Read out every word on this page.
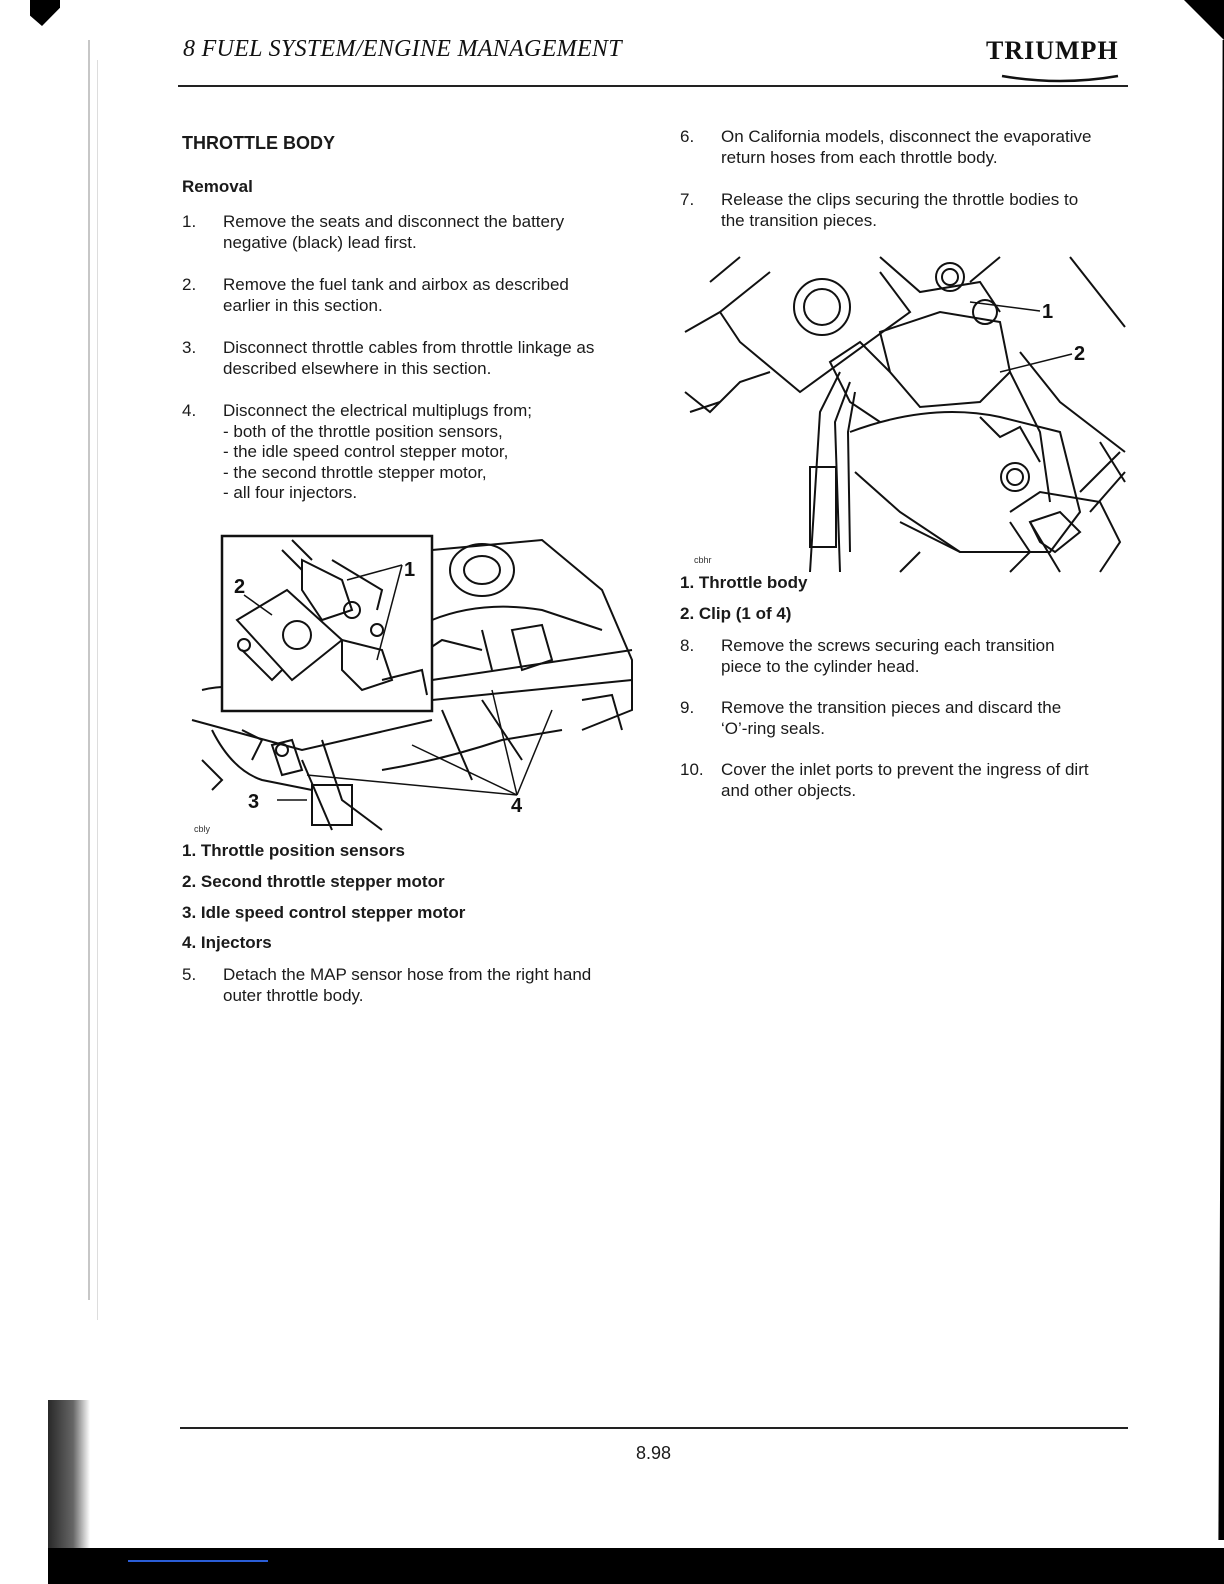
8 FUEL SYSTEM/ENGINE MANAGEMENT	TRIUMPH
THROTTLE BODY
Removal
1.	Remove the seats and disconnect the battery
negative (black) lead first.
2.	Remove the fuel tank and airbox as described
earlier in this section.
3.	Disconnect throttle cables from throttle linkage as
described elsewhere in this section.
4.	Disconnect the electrical multiplugs from;
- both of the throttle position sensors,
- the idle speed control stepper motor,
- the second throttle stepper motor,
- all four injectors.
1
2
3	4
cbly
1. Throttle position sensors
2. Second throttle stepper motor
3. Idle speed control stepper motor
4. Injectors
5.	Detach the MAP sensor hose from the right hand
outer throttle body.
6.	On California models, disconnect the evaporative
return hoses from each throttle body.
7.	Release the clips securing the throttle bodies to
the transition pieces.
1
2
cbhr
1. Throttle body
2. Clip (1 of 4)
8.	Remove the screws securing each transition
piece to the cylinder head.
9.	Remove the transition pieces and discard the
‘O’-ring seals.
10.	Cover the inlet ports to prevent the ingress of dirt
and other objects.
8.98
